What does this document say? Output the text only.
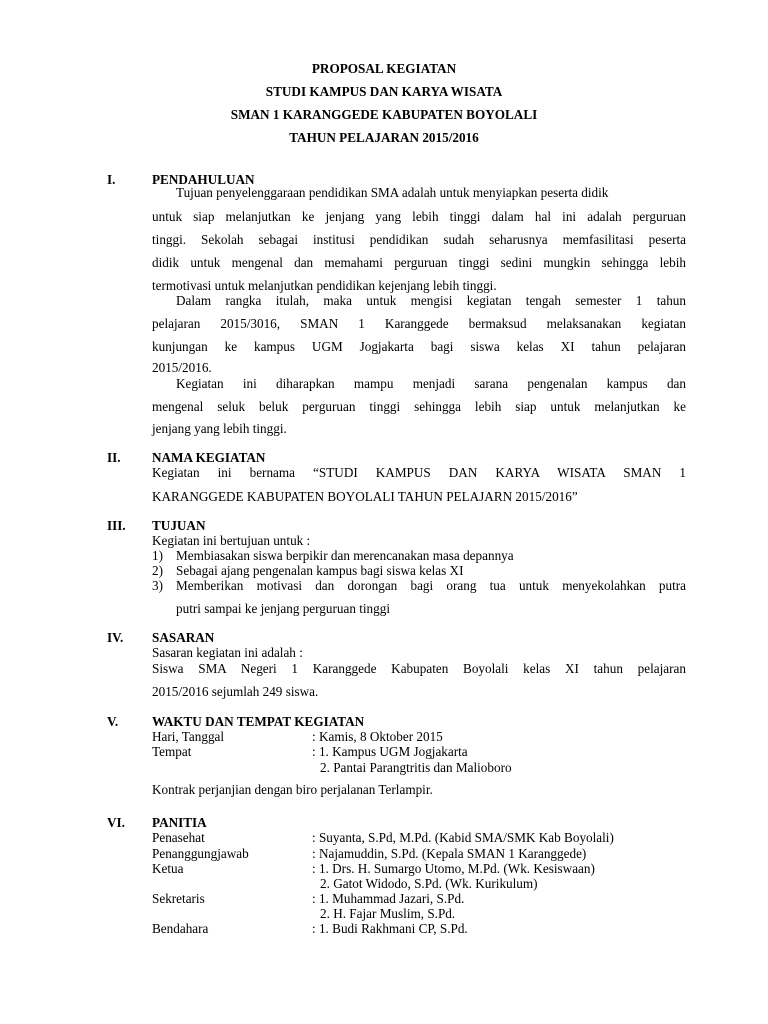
PROPOSAL KEGIATAN
STUDI KAMPUS DAN KARYA WISATA
SMAN 1 KARANGGEDE KABUPATEN BOYOLALI
TAHUN PELAJARAN 2015/2016
I.	PENDAHULUAN
Tujuan penyelenggaraan pendidikan SMA adalah untuk menyiapkan peserta didik
untuk siap melanjutkan ke jenjang yang lebih tinggi dalam hal ini adalah perguruan
tinggi. Sekolah sebagai institusi pendidikan sudah seharusnya memfasilitasi peserta
didik untuk mengenal dan memahami perguruan tinggi sedini mungkin sehingga lebih
termotivasi untuk melanjutkan pendidikan kejenjang lebih tinggi.
Dalam rangka itulah, maka untuk mengisi kegiatan tengah semester 1 tahun
pelajaran 2015/3016, SMAN 1 Karanggede bermaksud melaksanakan kegiatan
kunjungan ke kampus UGM Jogjakarta bagi siswa kelas XI tahun pelajaran
2015/2016.
Kegiatan ini diharapkan mampu menjadi sarana pengenalan kampus dan
mengenal seluk beluk perguruan tinggi sehingga lebih siap untuk melanjutkan ke
jenjang yang lebih tinggi.
II. NAMA KEGIATAN
Kegiatan ini bernama “STUDI KAMPUS DAN KARYA WISATA SMAN 1
KARANGGEDE KABUPATEN BOYOLALI TAHUN PELAJARN 2015/2016”
III. TUJUAN
Kegiatan ini bertujuan untuk :
1) Membiasakan siswa berpikir dan merencanakan masa depannya
2) Sebagai ajang pengenalan kampus bagi siswa kelas XI
3) Memberikan motivasi dan dorongan bagi orang tua untuk menyekolahkan putra
putri sampai ke jenjang perguruan tinggi
IV. SASARAN
Sasaran kegiatan ini adalah :
Siswa SMA Negeri 1 Karanggede Kabupaten Boyolali kelas XI tahun pelajaran
2015/2016 sejumlah 249 siswa.
V.	WAKTU DAN TEMPAT KEGIATAN
Hari, Tanggal	: Kamis, 8 Oktober 2015
Tempat	: 1. Kampus UGM Jogjakarta
2. Pantai Parangtritis dan Malioboro
Kontrak perjanjian dengan biro perjalanan Terlampir.
VI. PANITIA
Penasehat	: Suyanta, S.Pd, M.Pd. (Kabid SMA/SMK Kab Boyolali)
Penanggungjawab	: Najamuddin, S.Pd. (Kepala SMAN 1 Karanggede)
Ketua	: 1. Drs. H. Sumargo Utomo, M.Pd. (Wk. Kesiswaan)
2. Gatot Widodo, S.Pd. (Wk. Kurikulum)
Sekretaris	: 1. Muhammad Jazari, S.Pd.
2. H. Fajar Muslim, S.Pd.
Bendahara	: 1. Budi Rakhmani CP, S.Pd.
